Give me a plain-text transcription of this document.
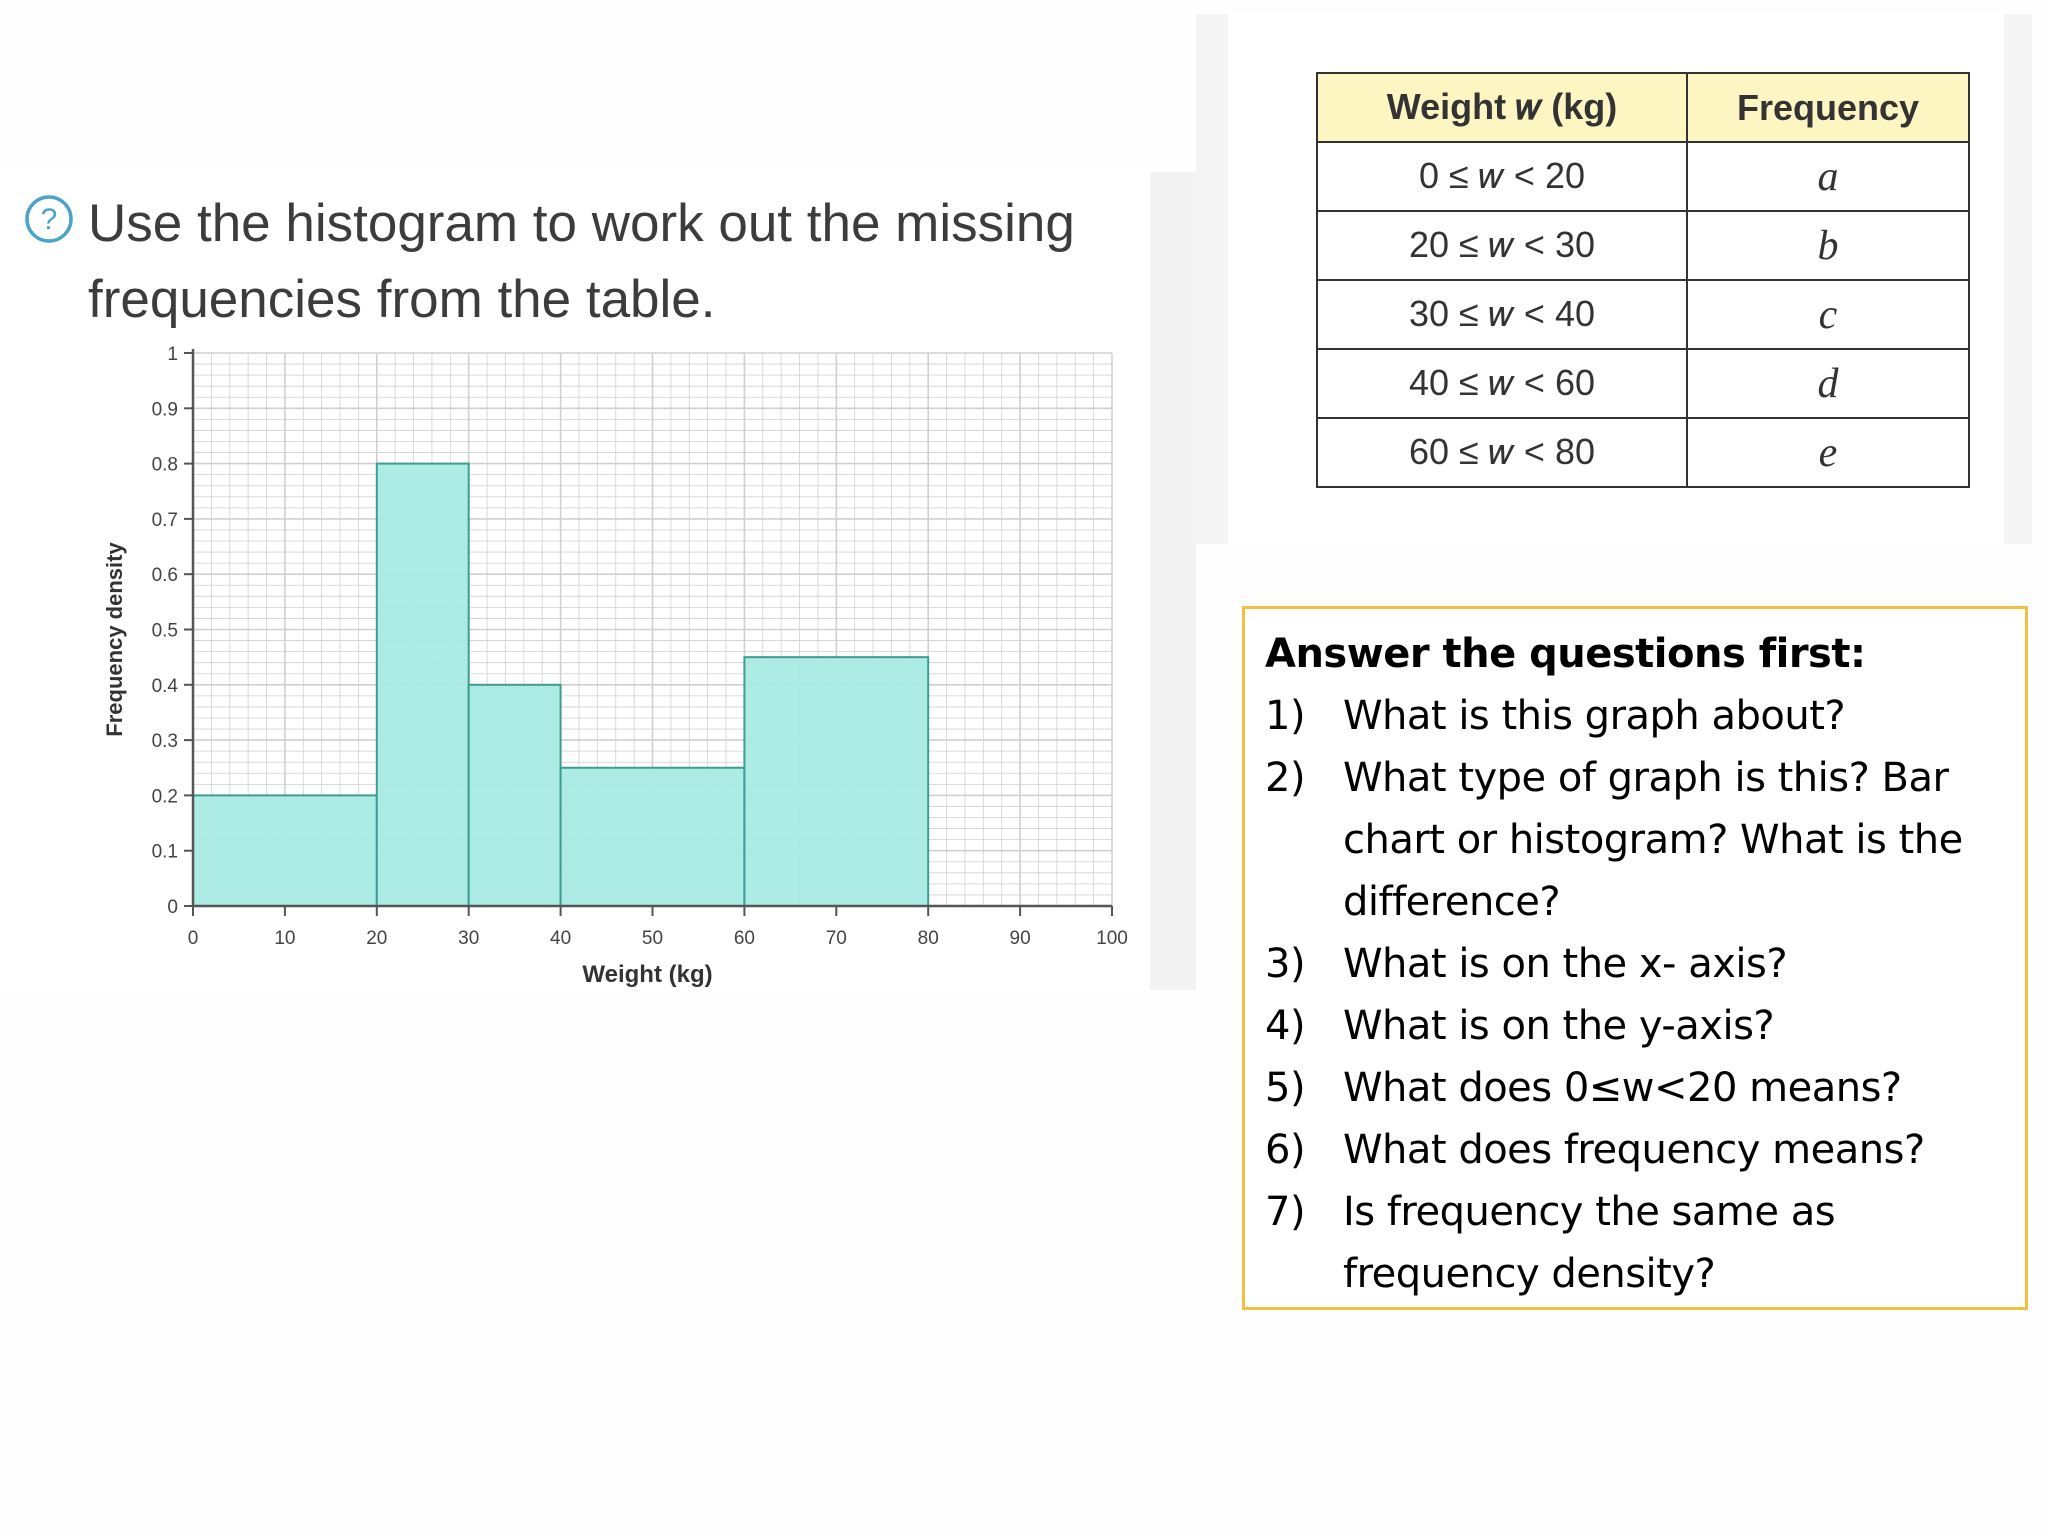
? Use the histogram to work out the missing frequencies from the table.
0	10	20	30	40	50	60	70	80	90	100
0
0.1
0.2
0.3
0.4
0.5
0.6
0.7
0.8
0.9
1
Weight (kg)
Frequency density
Weight 𝑤 (kg)	Frequency
0 ≤ 𝑤 < 20	a
20 ≤ 𝑤 < 30	b
30 ≤ 𝑤 < 40	c
40 ≤ 𝑤 < 60	d
60 ≤ 𝑤 < 80	e

Answer the questions first:

1) What is this graph about?
2) What type of graph is this? Bar chart or histogram? What is the difference?
3) What is on the x- axis?
4) What is on the y-axis?
5) What does 0≤w<20 means?
6) What does frequency means?
7) Is frequency the same as frequency density?
